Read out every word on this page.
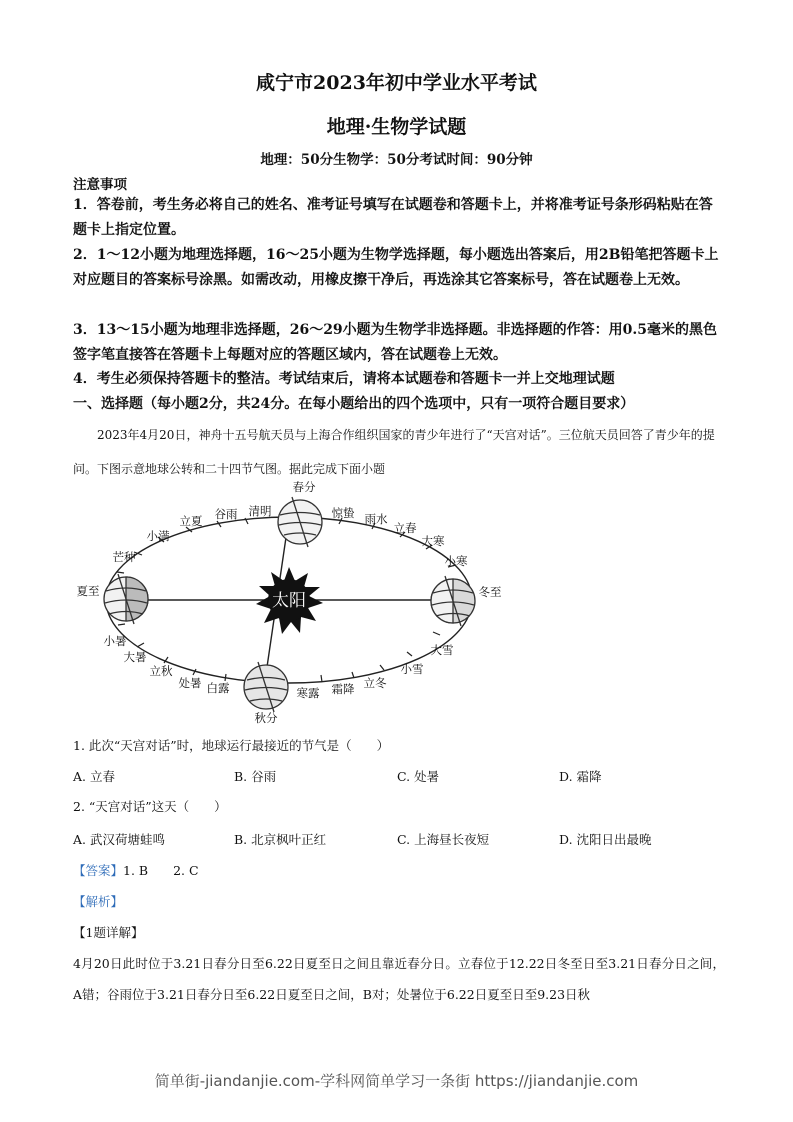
咸宁市2023年初中学业水平考试
地理·生物学试题
地理：50分生物学：50分考试时间：90分钟
注意事项
1．答卷前，考生务必将自己的姓名、准考证号填写在试题卷和答题卡上，并将准考证号条形码粘贴在答题卡上指定位置。
2．1～12小题为地理选择题，16～25小题为生物学选择题，每小题选出答案后，用2B铅笔把答题卡上对应题目的答案标号涂黑。如需改动，用橡皮擦干净后，再选涂其它答案标号，答在试题卷上无效。
3．13～15小题为地理非选择题，26～29小题为生物学非选择题。非选择题的作答：用0.5毫米的黑色签字笔直接答在答题卡上每题对应的答题区域内，答在试题卷上无效。
4．考生必须保持答题卡的整洁。考试结束后，请将本试题卷和答题卡一并上交地理试题
一、选择题（每小题2分，共24分。在每小题给出的四个选项中，只有一项符合题目要求）
2023年4月20日，神舟十五号航天员与上海合作组织国家的青少年进行了“天宫对话”。三位航天员回答了青少年的提问。下图示意地球公转和二十四节气图。据此完成下面小题
太阳
春分
惊蛰 雨水
立春
大寒
小寒
冬至
大雪
小雪
立冬
霜降
寒露
秋分
白露
处暑
立秋
大暑
小暑
夏至
芒种
小满
立夏 谷雨 清明
1. 此次“天宫对话”时，地球运行最接近的节气是（　　）
A. 立春	B. 谷雨	C. 处暑	D. 霜降
2. “天宫对话”这天（　　）
A. 武汉荷塘蛙鸣	B. 北京枫叶正红	C. 上海昼长夜短	D. 沈阳日出最晚
【答案】1. B　　2. C
【解析】
【1题详解】
4月20日此时位于3.21日春分日至6.22日夏至日之间且靠近春分日。立春位于12.22日冬至日至3.21日春分日之间，A错；谷雨位于3.21日春分日至6.22日夏至日之间，B对；处暑位于6.22日夏至日至9.23日秋
简单街-jiandanjie.com-学科网简单学习一条街 https://jiandanjie.com
